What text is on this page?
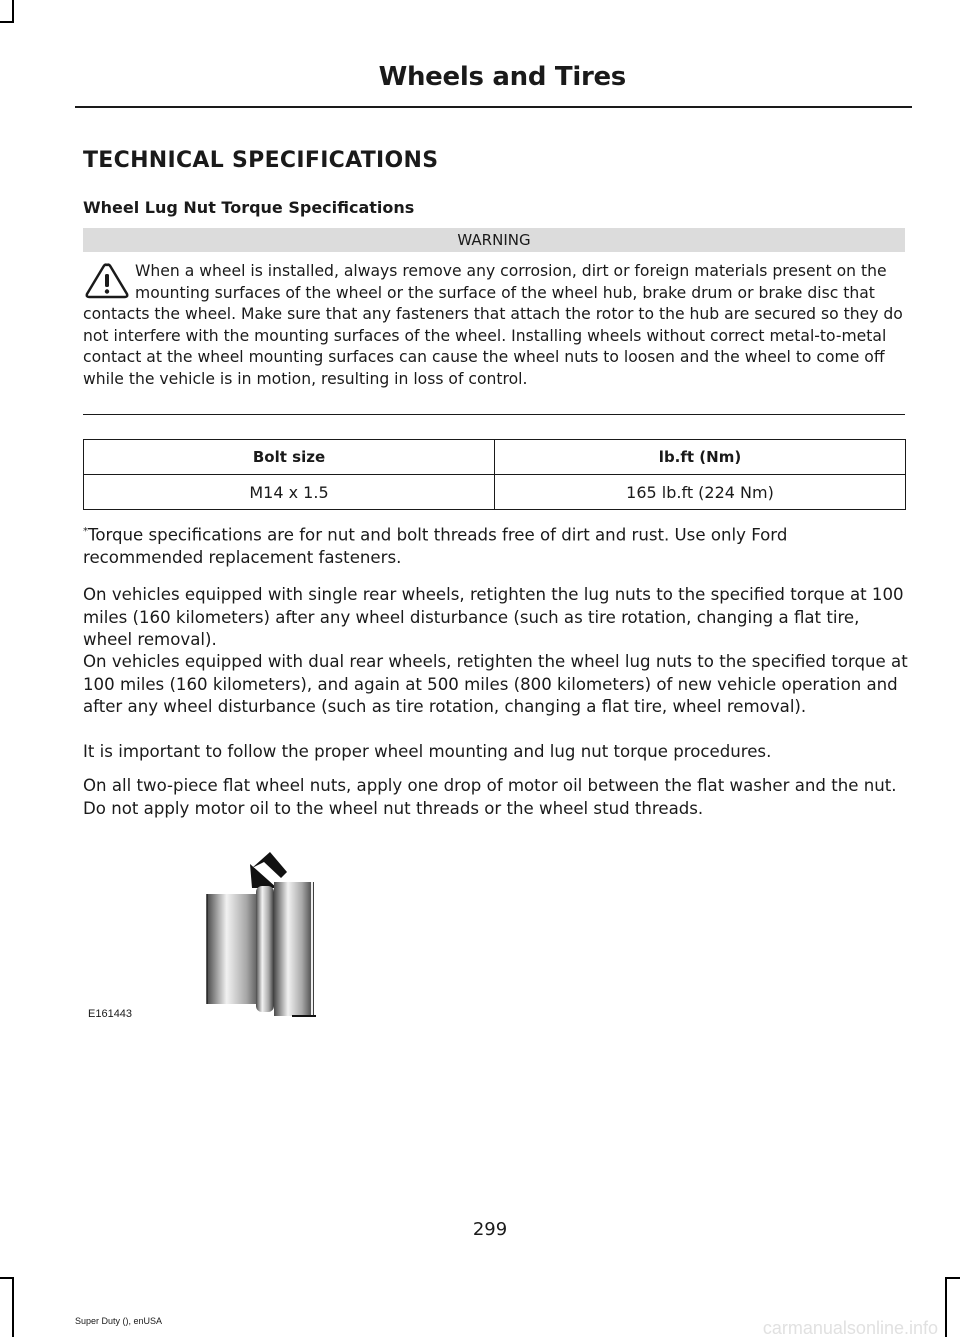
Wheels and Tires
TECHNICAL SPECIFICATIONS
Wheel Lug Nut Torque Specifications
WARNING

When a wheel is installed, always remove any corrosion, dirt or foreign materials present on the mounting surfaces of the wheel or the surface of the wheel hub, brake drum or brake disc that contacts the wheel. Make sure that any fasteners that attach the rotor to the hub are secured so they do not interfere with the mounting surfaces of the wheel. Installing wheels without correct metal-to-metal contact at the wheel mounting surfaces can cause the wheel nuts to loosen and the wheel to come off while the vehicle is in motion, resulting in loss of control.

Bolt size	lb.ft (Nm)
M14 x 1.5	165 lb.ft (224 Nm)

*Torque specifications are for nut and bolt threads free of dirt and rust. Use only Ford recommended replacement fasteners.

On vehicles equipped with single rear wheels, retighten the lug nuts to the specified torque at 100 miles (160 kilometers) after any wheel disturbance (such as tire rotation, changing a flat tire, wheel removal).

On vehicles equipped with dual rear wheels, retighten the wheel lug nuts to the specified torque at 100 miles (160 kilometers), and again at 500 miles (800 kilometers) of new vehicle operation and after any wheel disturbance (such as tire rotation, changing a flat tire, wheel removal).

It is important to follow the proper wheel mounting and lug nut torque procedures.

On all two-piece flat wheel nuts, apply one drop of motor oil between the flat washer and the nut. Do not apply motor oil to the wheel nut threads or the wheel stud threads.

E161443
299
Super Duty (), enUSA	carmanualsonline.info
